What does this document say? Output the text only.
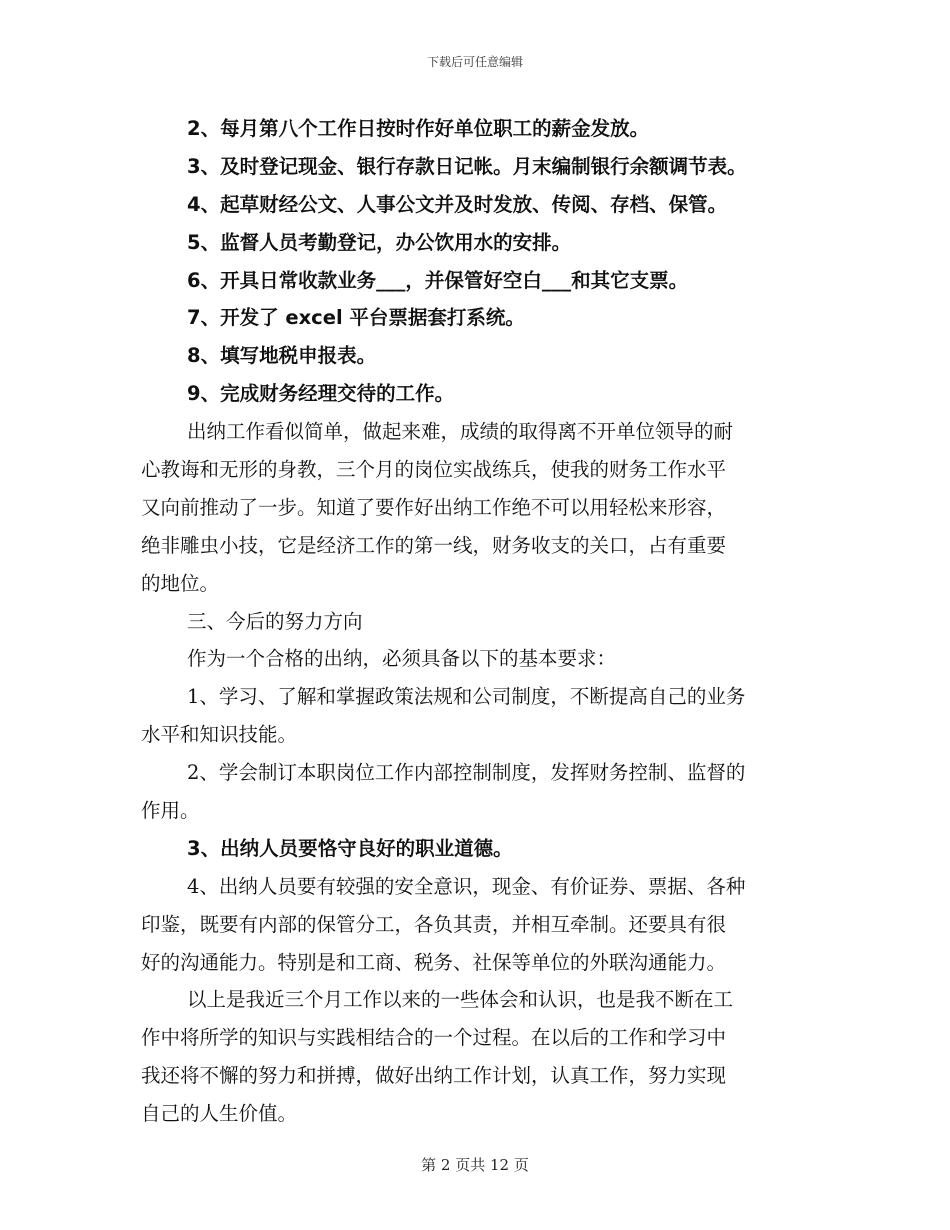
下载后可任意编辑
2、每月第八个工作日按时作好单位职工的薪金发放。
3、及时登记现金、银行存款日记帐。月末编制银行余额调节表。
4、起草财经公文、人事公文并及时发放、传阅、存档、保管。
5、监督人员考勤登记，办公饮用水的安排。
6、开具日常收款业务___，并保管好空白___和其它支票。
7、开发了 excel 平台票据套打系统。
8、填写地税申报表。
9、完成财务经理交待的工作。
出纳工作看似简单，做起来难，成绩的取得离不开单位领导的耐
心教诲和无形的身教，三个月的岗位实战练兵，使我的财务工作水平
又向前推动了一步。知道了要作好出纳工作绝不可以用轻松来形容，
绝非雕虫小技，它是经济工作的第一线，财务收支的关口，占有重要
的地位。
三、今后的努力方向
作为一个合格的出纳，必须具备以下的基本要求：
1、学习、了解和掌握政策法规和公司制度，不断提高自己的业务
水平和知识技能。
2、学会制订本职岗位工作内部控制制度，发挥财务控制、监督的
作用。
3、出纳人员要恪守良好的职业道德。
4、出纳人员要有较强的安全意识，现金、有价证券、票据、各种
印鉴，既要有内部的保管分工，各负其责，并相互牵制。还要具有很
好的沟通能力。特别是和工商、税务、社保等单位的外联沟通能力。
以上是我近三个月工作以来的一些体会和认识，也是我不断在工
作中将所学的知识与实践相结合的一个过程。在以后的工作和学习中
我还将不懈的努力和拼搏，做好出纳工作计划，认真工作，努力实现
自己的人生价值。
第 2 页共 12 页
